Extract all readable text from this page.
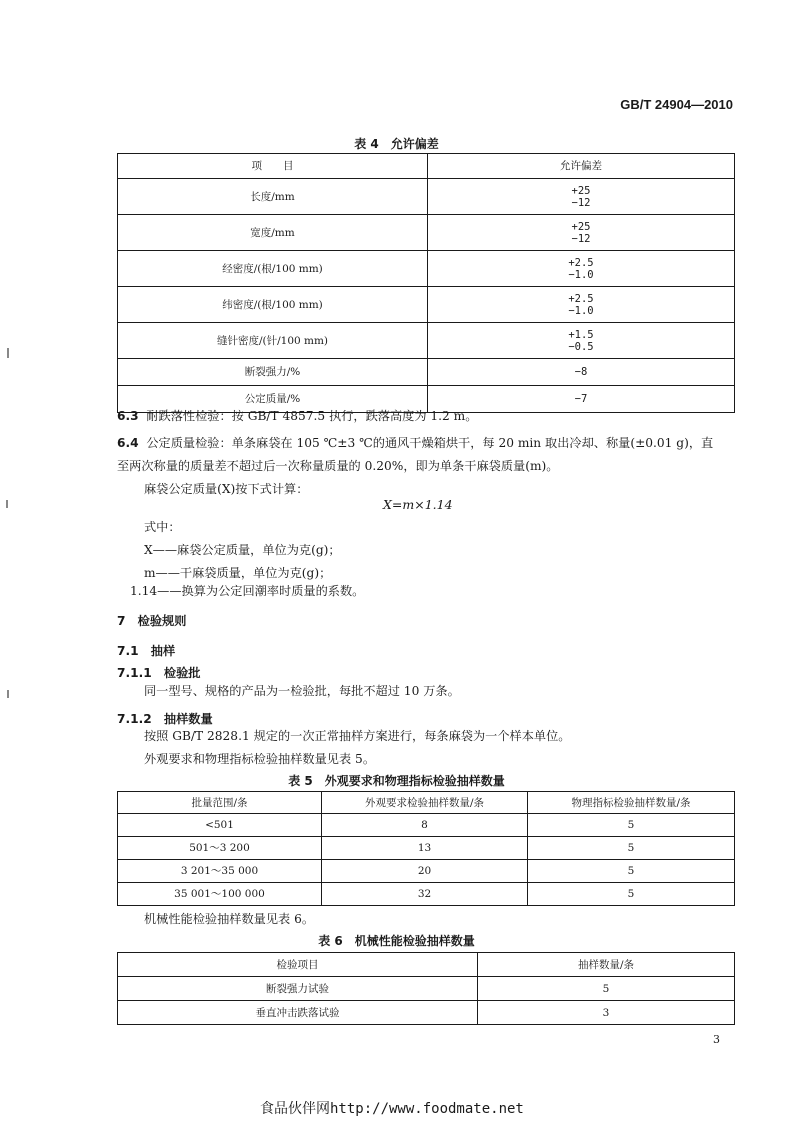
GB/T 24904—2010
表 4　允许偏差
项　　目	允许偏差
长度/mm	+25
−12

宽度/mm	+25
−12

经密度/(根/100 mm)	+2.5
−1.0

纬密度/(根/100 mm)	+2.5
−1.0

缝针密度/(针/100 mm)	+1.5
−0.5

断裂强力/%	−8
公定质量/%	−7
6.3 耐跌落性检验：按 GB/T 4857.5 执行，跌落高度为 1.2 m。
6.4 公定质量检验：单条麻袋在 105 ℃±3 ℃的通风干燥箱烘干，每 20 min 取出冷却、称量(±0.01 g)，直
至两次称量的质量差不超过后一次称量质量的 0.20%，即为单条干麻袋质量(m)。
麻袋公定质量(X)按下式计算：
X=m×1.14
式中：
X——麻袋公定质量，单位为克(g)；
m——干麻袋质量，单位为克(g)；
1.14——换算为公定回潮率时质量的系数。
7　检验规则
7.1　抽样
7.1.1　检验批
同一型号、规格的产品为一检验批，每批不超过 10 万条。
7.1.2　抽样数量
按照 GB/T 2828.1 规定的一次正常抽样方案进行，每条麻袋为一个样本单位。
外观要求和物理指标检验抽样数量见表 5。
表 5　外观要求和物理指标检验抽样数量
批量范围/条	外观要求检验抽样数量/条	物理指标检验抽样数量/条
<501	8	5
501～3 200	13	5
3 201～35 000	20	5
35 001～100 000	32	5
机械性能检验抽样数量见表 6。
表 6　机械性能检验抽样数量
检验项目	抽样数量/条
断裂强力试验	5
垂直冲击跌落试验	3
3
食品伙伴网http://www.foodmate.net
